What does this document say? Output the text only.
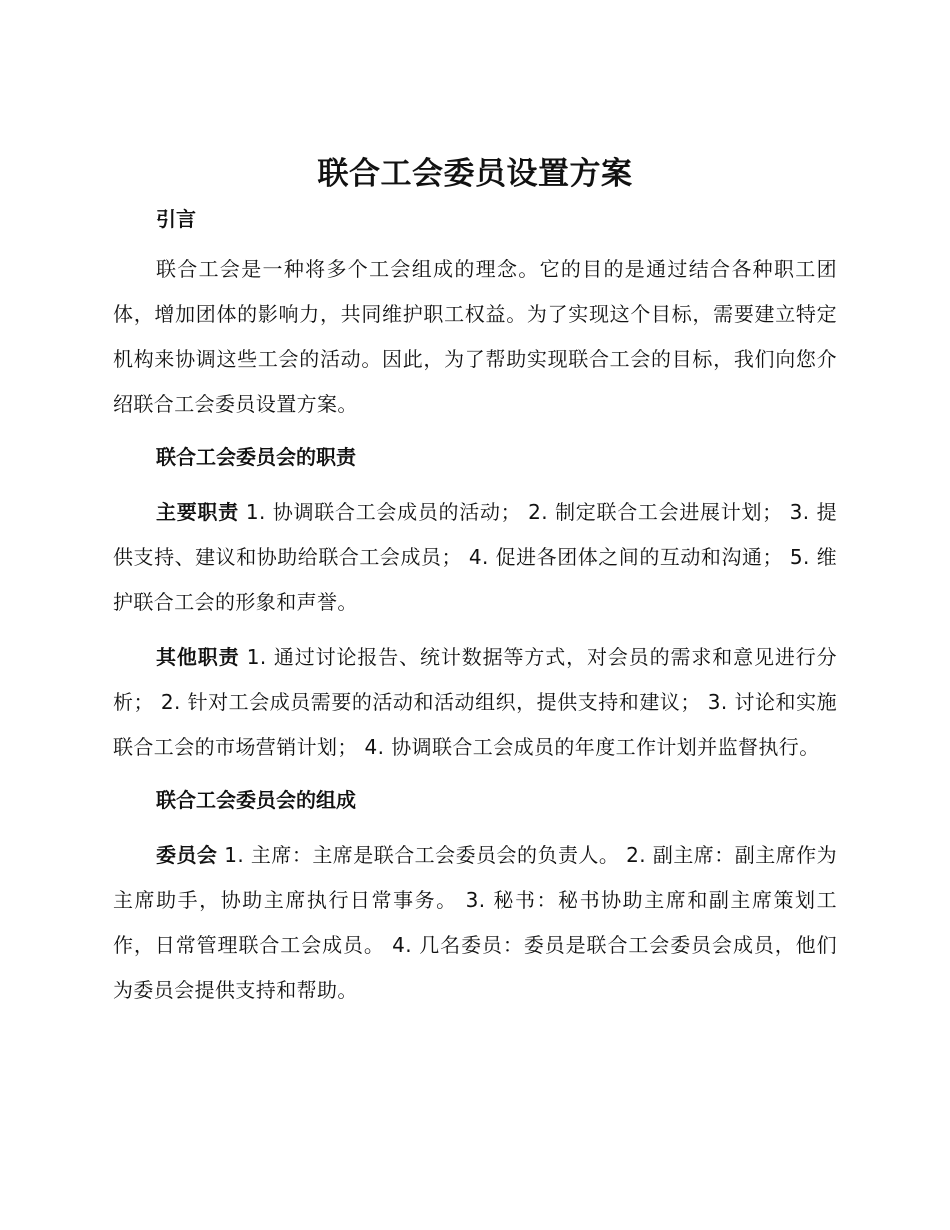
联合工会委员设置方案
引言

联合工会是一种将多个工会组成的理念。它的目的是通过结合各种职工团体，增加团体的影响力，共同维护职工权益。为了实现这个目标，需要建立特定机构来协调这些工会的活动。因此，为了帮助实现联合工会的目标，我们向您介绍联合工会委员设置方案。

联合工会委员会的职责

主要职责 1. 协调联合工会成员的活动； 2. 制定联合工会进展计划； 3. 提供支持、建议和协助给联合工会成员； 4. 促进各团体之间的互动和沟通； 5. 维护联合工会的形象和声誉。

其他职责 1. 通过讨论报告、统计数据等方式，对会员的需求和意见进行分析； 2. 针对工会成员需要的活动和活动组织，提供支持和建议； 3. 讨论和实施联合工会的市场营销计划； 4. 协调联合工会成员的年度工作计划并监督执行。

联合工会委员会的组成

委员会 1. 主席：主席是联合工会委员会的负责人。 2. 副主席：副主席作为主席助手，协助主席执行日常事务。 3. 秘书：秘书协助主席和副主席策划工作，日常管理联合工会成员。 4. 几名委员：委员是联合工会委员会成员，他们为委员会提供支持和帮助。
